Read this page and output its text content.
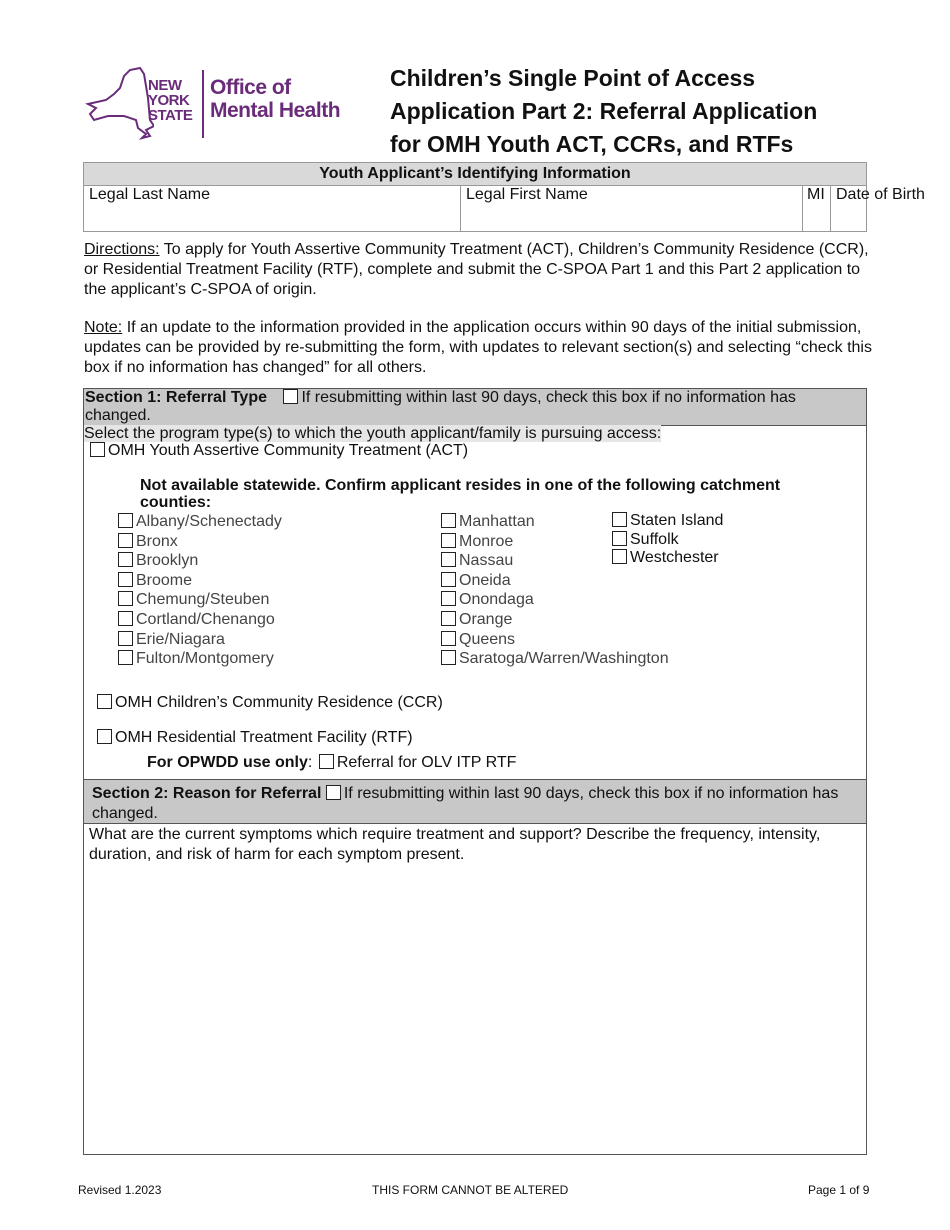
NEW
YORK
STATE
Office of
Mental Health
Children’s Single Point of Access
Application Part 2: Referral Application
for OMH Youth ACT, CCRs, and RTFs
Youth Applicant’s Identifying Information
Legal Last Name	Legal First Name	MI Date of Birth
Directions: To apply for Youth Assertive Community Treatment (ACT), Children’s Community Residence (CCR), or Residential Treatment Facility (RTF), complete and submit the C-SPOA Part 1 and this Part 2 application to the applicant’s C-SPOA of origin.
Note: If an update to the information provided in the application occurs within 90 days of the initial submission, updates can be provided by re-submitting the form, with updates to relevant section(s) and selecting “check this box if no information has changed” for all others.
Section 1: Referral Type If resubmitting within last 90 days, check this box if no information has changed.
Select the program type(s) to which the youth applicant/family is pursuing access:
OMH Youth Assertive Community Treatment (ACT)
Not available statewide. Confirm applicant resides in one of the following catchment counties:
Albany/Schenectady
Bronx
Brooklyn
Broome
Chemung/Steuben
Cortland/Chenango
Erie/Niagara
Fulton/Montgomery
Manhattan
Monroe
Nassau
Oneida
Onondaga
Orange
Queens
Saratoga/Warren/Washington
Staten Island
Suffolk
Westchester
OMH Children’s Community Residence (CCR)
OMH Residential Treatment Facility (RTF)
For OPWDD use only: Referral for OLV ITP RTF
Section 2: Reason for Referral If resubmitting within last 90 days, check this box if no information has changed.
What are the current symptoms which require treatment and support? Describe the frequency, intensity, duration, and risk of harm for each symptom present.
Revised 1.2023	THIS FORM CANNOT BE ALTERED	Page 1 of 9
